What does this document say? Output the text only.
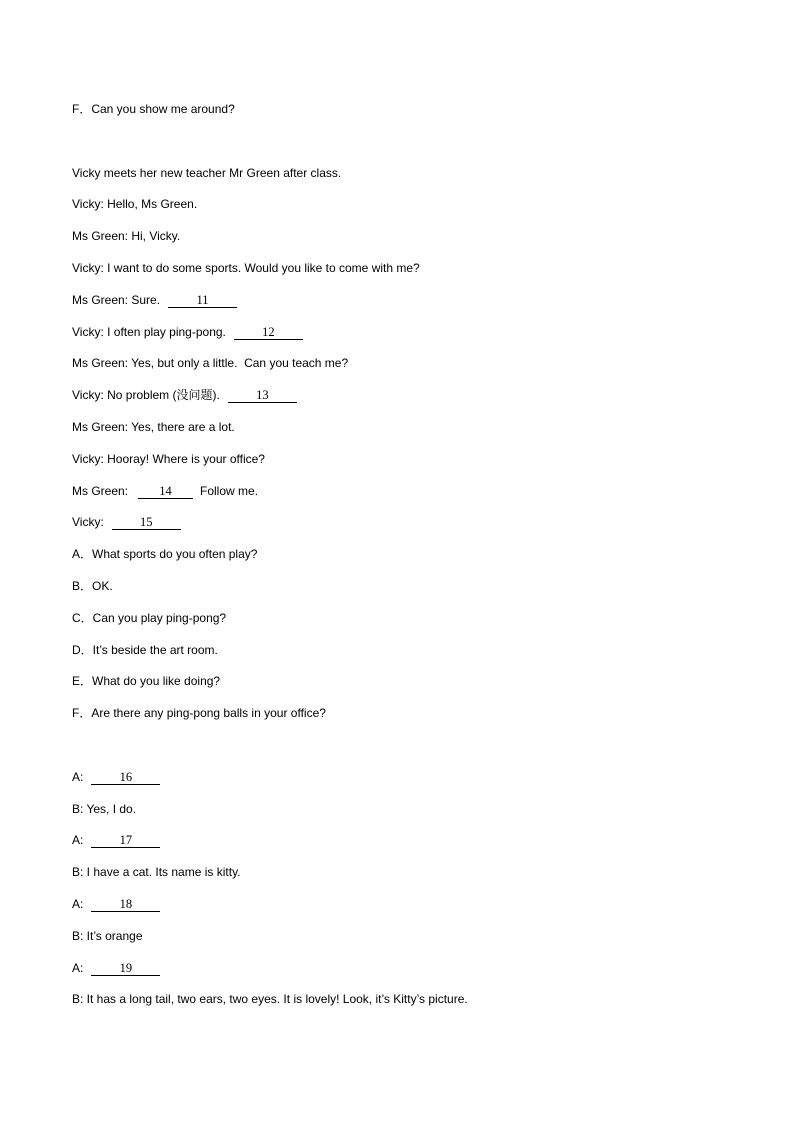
F．Can you show me around?
Vicky meets her new teacher Mr Green after class.
Vicky: Hello, Ms Green.
Ms Green: Hi, Vicky.
Vicky: I want to do some sports. Would you like to come with me?
Ms Green: Sure.	11
Vicky: I often play ping-pong.	12
Ms Green: Yes, but only a little.  Can you teach me?
Vicky: No problem (没问题).	13
Ms Green: Yes, there are a lot.
Vicky: Hooray! Where is your office?
Ms Green:	14 Follow me.
Vicky:	15
A．What sports do you often play?
B．OK.
C．Can you play ping-pong?
D．It’s beside the art room.
E．What do you like doing?
F．Are there any ping-pong balls in your office?
A:	16
B: Yes, I do.
A:	17
B: I have a cat. Its name is kitty.
A:	18
B: It’s orange
A:	19
B: It has a long tail, two ears, two eyes. It is lovely! Look, it’s Kitty’s picture.
